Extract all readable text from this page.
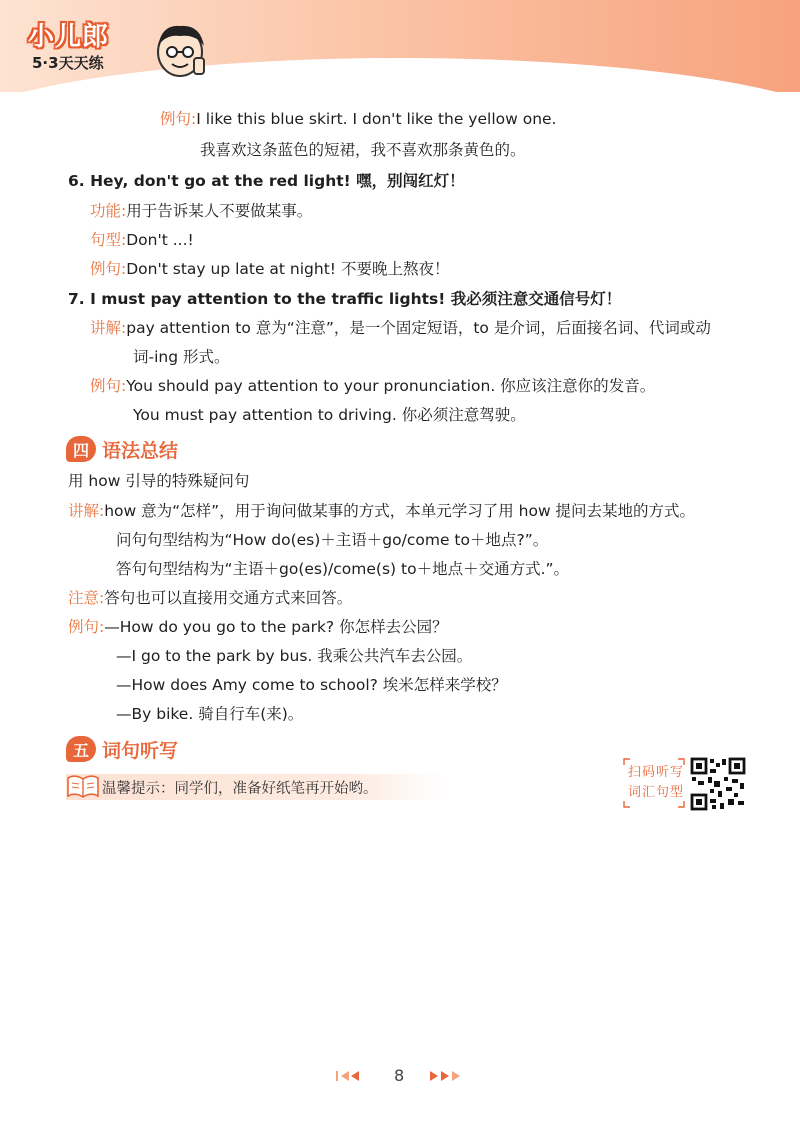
小儿郎
5·3天天练
例句:I like this blue skirt. I don't like the yellow one.
我喜欢这条蓝色的短裙，我不喜欢那条黄色的。
6. Hey, don't go at the red light! 嘿，别闯红灯！
功能:用于告诉某人不要做某事。
句型:Don't ...!
例句:Don't stay up late at night! 不要晚上熬夜！
7. I must pay attention to the traffic lights! 我必须注意交通信号灯！
讲解:pay attention to 意为“注意”，是一个固定短语，to 是介词，后面接名词、代词或动
词-ing 形式。
例句:You should pay attention to your pronunciation. 你应该注意你的发音。
You must pay attention to driving. 你必须注意驾驶。
四 语法总结
用 how 引导的特殊疑问句
讲解:how 意为“怎样”，用于询问做某事的方式，本单元学习了用 how 提问去某地的方式。
问句句型结构为“How do(es)＋主语＋go/come to＋地点?”。
答句句型结构为“主语＋go(es)/come(s) to＋地点＋交通方式.”。
注意:答句也可以直接用交通方式来回答。
例句:—How do you go to the park? 你怎样去公园？
—I go to the park by bus. 我乘公共汽车去公园。
—How does Amy come to school? 埃米怎样来学校？
—By bike. 骑自行车(来)。
五 词句听写
温馨提示：同学们，准备好纸笔再开始哟。
扫码听写
词汇句型
8
